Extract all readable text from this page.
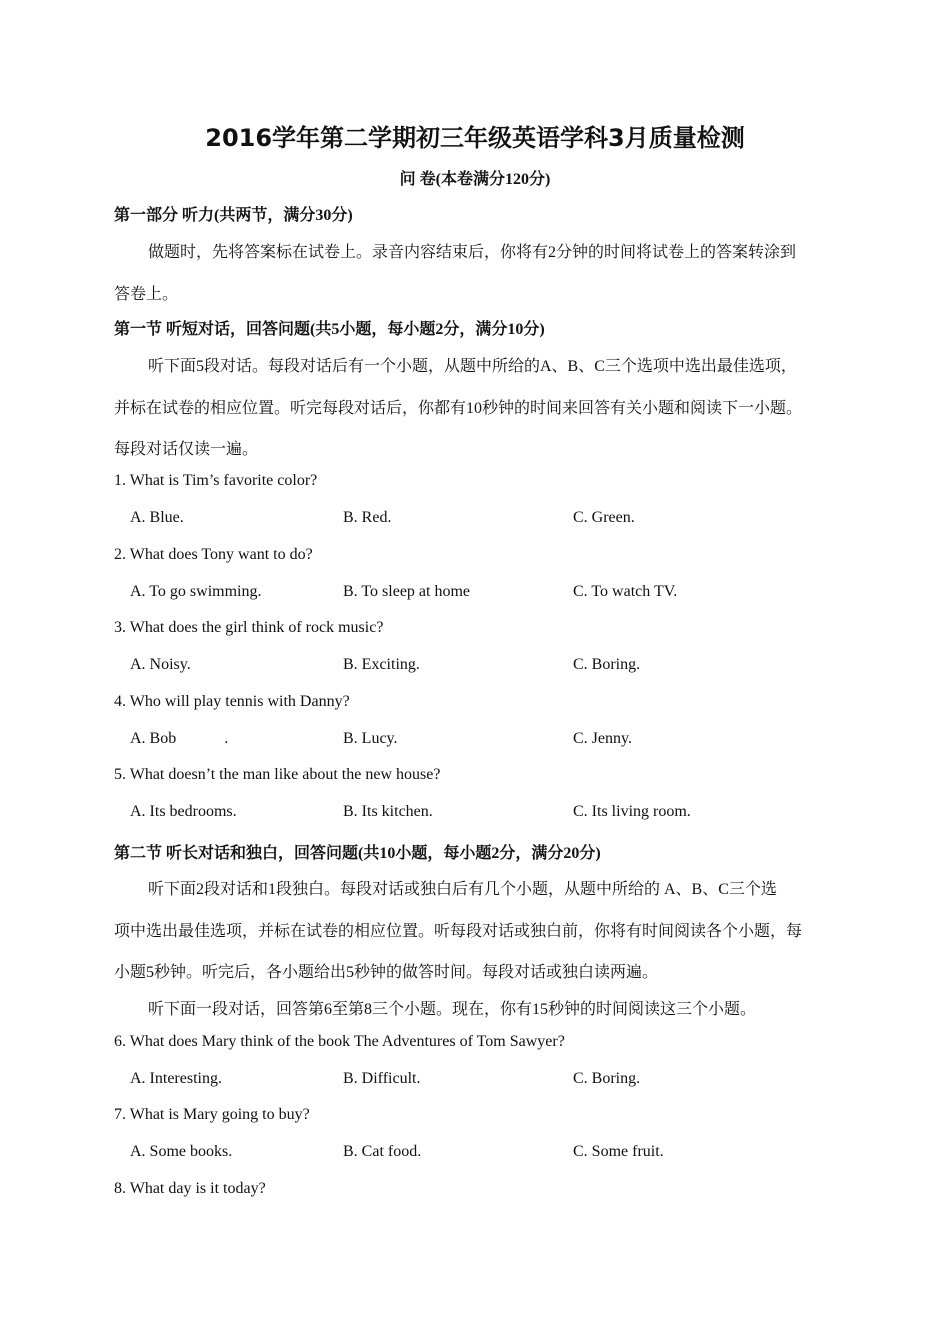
2016学年第二学期初三年级英语学科3月质量检测
问 卷(本卷满分120分)
第一部分 听力(共两节，满分30分)
做题时，先将答案标在试卷上。录音内容结束后，你将有2分钟的时间将试卷上的答案转涂到
答卷上。
第一节 听短对话，回答问题(共5小题，每小题2分，满分10分)
听下面5段对话。每段对话后有一个小题，从题中所给的A、B、C三个选项中选出最佳选项，
并标在试卷的相应位置。听完每段对话后，你都有10秒钟的时间来回答有关小题和阅读下一小题。
每段对话仅读一遍。
1. What is Tim’s favorite color?
A. Blue.	B. Red.	C. Green.
2. What does Tony want to do?
A. To go swimming.	B. To sleep at home	C. To watch TV.
3. What does the girl think of rock music?
A. Noisy.	B. Exciting.	C. Boring.
4. Who will play tennis with Danny?
A. Bob            .	B. Lucy.	C. Jenny.
5. What doesn’t the man like about the new house?
A. Its bedrooms.	B. Its kitchen.	C. Its living room.
第二节 听长对话和独白，回答问题(共10小题，每小题2分，满分20分)
听下面2段对话和1段独白。每段对话或独白后有几个小题，从题中所给的 A、B、C三个选
项中选出最佳选项，并标在试卷的相应位置。听每段对话或独白前，你将有时间阅读各个小题，每
小题5秒钟。听完后，各小题给出5秒钟的做答时间。每段对话或独白读两遍。
听下面一段对话，回答第6至第8三个小题。现在，你有15秒钟的时间阅读这三个小题。
6. What does Mary think of the book The Adventures of Tom Sawyer?
A. Interesting.	B. Difficult.	C. Boring.
7. What is Mary going to buy?
A. Some books.	B. Cat food.	C. Some fruit.
8. What day is it today?
